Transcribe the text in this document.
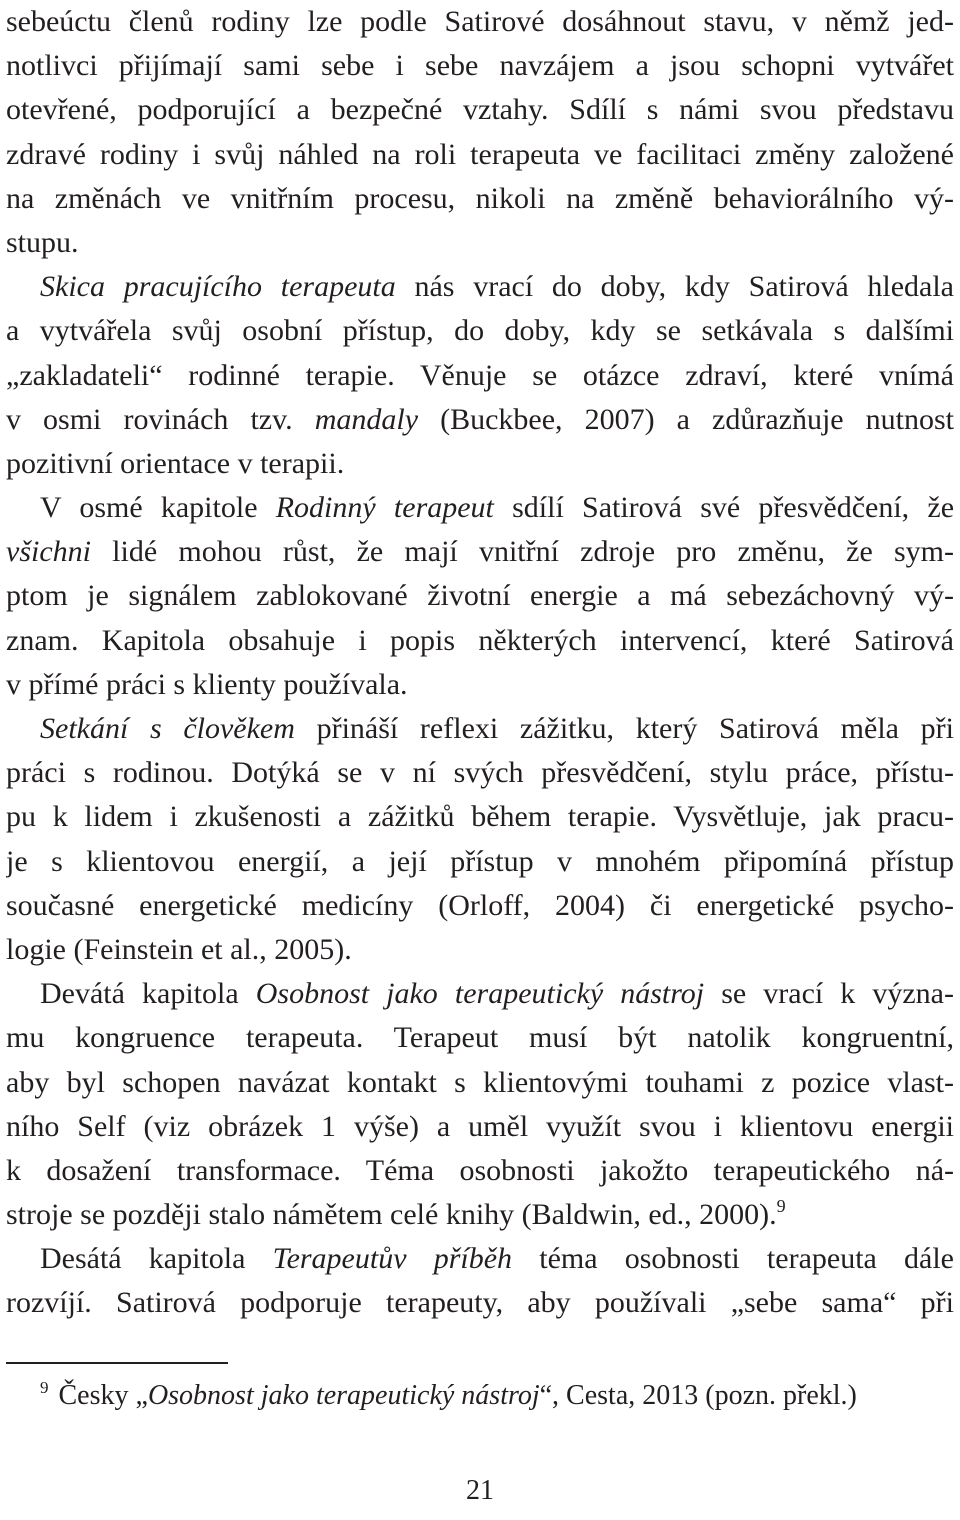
sebeúctu členů rodiny lze podle Satirové dosáhnout stavu, v němž jed-
notlivci přijímají sami sebe i sebe navzájem a jsou schopni vytvářet
otevřené, podporující a bezpečné vztahy. Sdílí s námi svou představu
zdravé rodiny i svůj náhled na roli terapeuta ve facilitaci změny založené
na změnách ve vnitřním procesu, nikoli na změně behaviorálního vý-
stupu.
Skica pracujícího terapeuta nás vrací do doby, kdy Satirová hledala
a vytvářela svůj osobní přístup, do doby, kdy se setkávala s dalšími
„zakladateli“ rodinné terapie. Věnuje se otázce zdraví, které vnímá
v osmi rovinách tzv. mandaly (Buckbee, 2007) a zdůrazňuje nutnost
pozitivní orientace v terapii.
V osmé kapitole Rodinný terapeut sdílí Satirová své přesvědčení, že
všichni lidé mohou růst, že mají vnitřní zdroje pro změnu, že sym-
ptom je signálem zablokované životní energie a má sebezáchovný vý-
znam. Kapitola obsahuje i popis některých intervencí, které Satirová
v přímé práci s klienty používala.
Setkání s člověkem přináší reflexi zážitku, který Satirová měla při
práci s rodinou. Dotýká se v ní svých přesvědčení, stylu práce, přístu-
pu k lidem i zkušenosti a zážitků během terapie. Vysvětluje, jak pracu-
je s klientovou energií, a její přístup v mnohém připomíná přístup
současné energetické medicíny (Orloff, 2004) či energetické psycho-
logie (Feinstein et al., 2005).
Devátá kapitola Osobnost jako terapeutický nástroj se vrací k význa-
mu kongruence terapeuta. Terapeut musí být natolik kongruentní,
aby byl schopen navázat kontakt s klientovými touhami z pozice vlast-
ního Self (viz obrázek 1 výše) a uměl využít svou i klientovu energii
k dosažení transformace. Téma osobnosti jakožto terapeutického ná-
stroje se později stalo námětem celé knihy (Baldwin, ed., 2000).$^9$
Desátá kapitola Terapeutův příběh téma osobnosti terapeuta dále
rozvíjí. Satirová podporuje terapeuty, aby používali „sebe sama“ při
$^9$ Česky „Osobnost jako terapeutický nástroj“, Cesta, 2013 (pozn. překl.)
21
